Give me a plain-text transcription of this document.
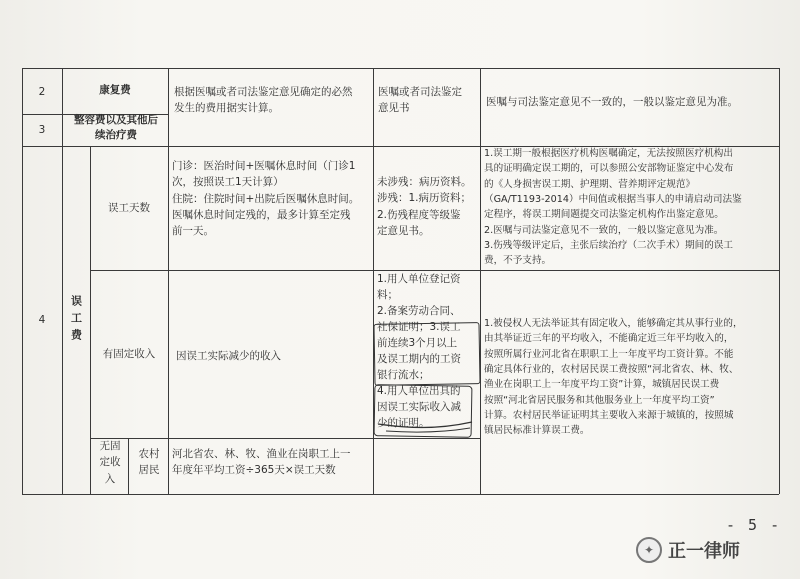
2	康复费
3
整容费以及其他后
续治疗费
根据医嘱或者司法鉴定意见确定的必然
发生的费用据实计算。
医嘱或者司法鉴定
意见书
医嘱与司法鉴定意见不一致的，一般以鉴定意见为准。
4 误工费
误工天数
门诊：医治时间+医嘱休息时间（门诊1
次，按照误工1天计算）
住院：住院时间+出院后医嘱休息时间。
医嘱休息时间定残的，最多计算至定残
前一天。
未涉残：病历资料。
涉残：1.病历资料；
2.伤残程度等级鉴
定意见书。
1.误工期一般根据医疗机构医嘱确定，无法按照医疗机构出
具的证明确定误工期的，可以参照公安部物证鉴定中心发布
的《人身损害误工期、护理期、营养期评定规范》
（GA/T1193-2014）中间值或根据当事人的申请启动司法鉴
定程序，将误工期间题提交司法鉴定机构作出鉴定意见。
2.医嘱与司法鉴定意见不一致的，一般以鉴定意见为准。
3.伤残等级评定后，主张后续治疗（二次手术）期间的误工
费，不予支持。
有固定收入 因误工实际减少的收入
1.用人单位登记资
料；
2.备案劳动合同、
社保证明；3.误工
前连续3个月以上
及误工期内的工资
银行流水；
4.用人单位出具的
因误工实际收入减
少的证明。
1.被侵权人无法举证其有固定收入，能够确定其从事行业的，
由其举证近三年的平均收入，不能确定近三年平均收入的，
按照所属行业河北省在职职工上一年度平均工资计算。不能
确定具体行业的，农村居民误工费按照“河北省农、林、牧、
渔业在岗职工上一年度平均工资”计算，城镇居民误工费
按照“河北省居民服务和其他服务业上一年度平均工资”
计算。农村居民举证证明其主要收入来源于城镇的，按照城
镇居民标准计算误工费。
无固
定收
入
农村
居民
河北省农、林、牧、渔业在岗职工上一
年度年平均工资÷365天×误工天数
- 5 -
✦ 正一律师
